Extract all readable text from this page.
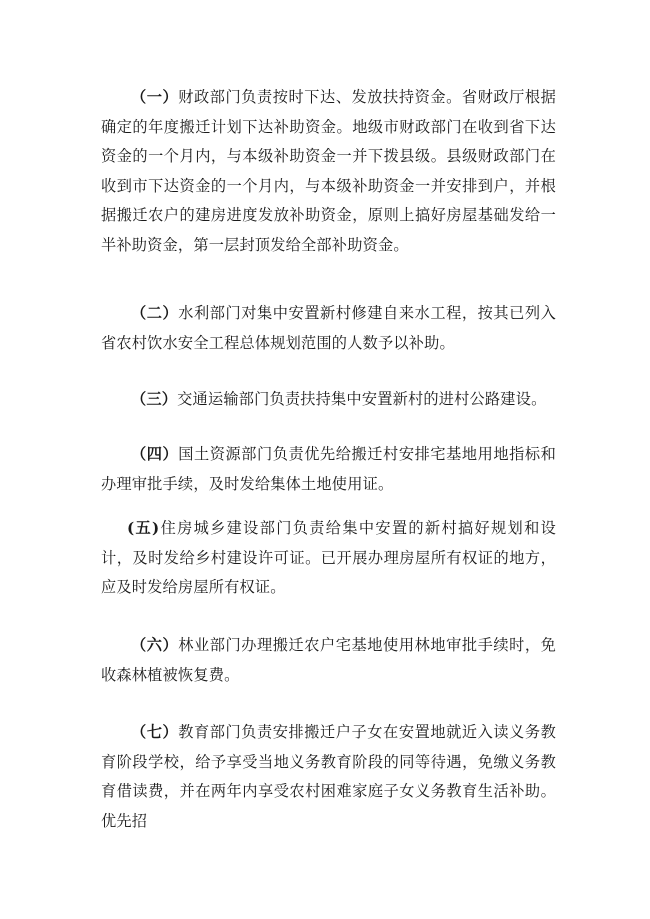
（一）财政部门负责按时下达、发放扶持资金。省财政厅根据确定的年度搬迁计划下达补助资金。地级市财政部门在收到省下达资金的一个月内，与本级补助资金一并下拨县级。县级财政部门在收到市下达资金的一个月内，与本级补助资金一并安排到户，并根据搬迁农户的建房进度发放补助资金，原则上搞好房屋基础发给一半补助资金，第一层封顶发给全部补助资金。

（二）水利部门对集中安置新村修建自来水工程，按其已列入省农村饮水安全工程总体规划范围的人数予以补助。

（三）交通运输部门负责扶持集中安置新村的进村公路建设。

（四）国土资源部门负责优先给搬迁村安排宅基地用地指标和办理审批手续，及时发给集体土地使用证。

(五)住房城乡建设部门负责给集中安置的新村搞好规划和设计，及时发给乡村建设许可证。已开展办理房屋所有权证的地方，应及时发给房屋所有权证。

（六）林业部门办理搬迁农户宅基地使用林地审批手续时，免收森林植被恢复费。

（七）教育部门负责安排搬迁户子女在安置地就近入读义务教育阶段学校，给予享受当地义务教育阶段的同等待遇，免缴义务教育借读费，并在两年内享受农村困难家庭子女义务教育生活补助。优先招
